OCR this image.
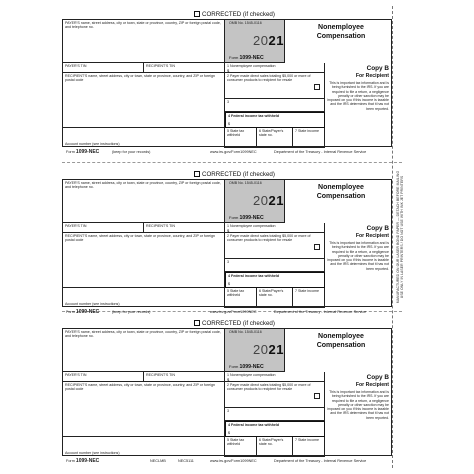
MANUFACTURED ON OUR LASER BOND PAPER — DETACH BEFORE MAILING USE ONLY IN LASER PRINTERS / DO NOT USE WITH INK JET PRINTERS
CORRECTED (if checked)
PAYER'S name, street address, city or town, state or province, country, ZIP or foreign postal code, and telephone no.
OMB No. 1545-0116
2021
Form 1099-NEC
Nonemployee
Compensation
PAYER'S TIN	RECIPIENT'S TIN	1 Nonemployee compensation
$
RECIPIENT'S name, street address, city or town, state or province, country, and ZIP or foreign postal code
2 Payer made direct sales totaling $5,000 or more of consumer products to recipient for resale
3
4 Federal income tax withheld
$
Account number (see instructions)
5 State tax withheld
6 State/Payer's state no.
7 State income
Copy B
For Recipient
This is important tax information and is being furnished to the IRS. If you are required to file a return, a negligence penalty or other sanction may be imposed on you if this income is taxable and the IRS determines that it has not been reported.
Form 1099-NEC	(keep for your records)	www.irs.gov/Form1099NEC	Department of the Treasury - Internal Revenue Service
CORRECTED (if checked)
PAYER'S name, street address, city or town, state or province, country, ZIP or foreign postal code, and telephone no.
OMB No. 1545-0116
2021
Form 1099-NEC
Nonemployee
Compensation
PAYER'S TIN	RECIPIENT'S TIN	1 Nonemployee compensation
$
RECIPIENT'S name, street address, city or town, state or province, country, and ZIP or foreign postal code
2 Payer made direct sales totaling $5,000 or more of consumer products to recipient for resale
3
4 Federal income tax withheld
$
Account number (see instructions)
5 State tax withheld
6 State/Payer's state no.
7 State income
Copy B
For Recipient
This is important tax information and is being furnished to the IRS. If you are required to file a return, a negligence penalty or other sanction may be imposed on you if this income is taxable and the IRS determines that it has not been reported.
Form 1099-NEC	(keep for your records)	www.irs.gov/Form1099NEC	Department of the Treasury - Internal Revenue Service
CORRECTED (if checked)
PAYER'S name, street address, city or town, state or province, country, ZIP or foreign postal code, and telephone no.
OMB No. 1545-0116
2021
Form 1099-NEC
Nonemployee
Compensation
PAYER'S TIN	RECIPIENT'S TIN	1 Nonemployee compensation
$
RECIPIENT'S name, street address, city or town, state or province, country, and ZIP or foreign postal code
2 Payer made direct sales totaling $5,000 or more of consumer products to recipient for resale
3
4 Federal income tax withheld
$
Account number (see instructions)
5 State tax withheld
6 State/Payer's state no.
7 State income
Copy B
For Recipient
This is important tax information and is being furnished to the IRS. If you are required to file a return, a negligence penalty or other sanction may be imposed on you if this income is taxable and the IRS determines that it has not been reported.
Form 1099-NEC	NECLMB	NEC5111	www.irs.gov/Form1099NEC	Department of the Treasury - Internal Revenue Service
